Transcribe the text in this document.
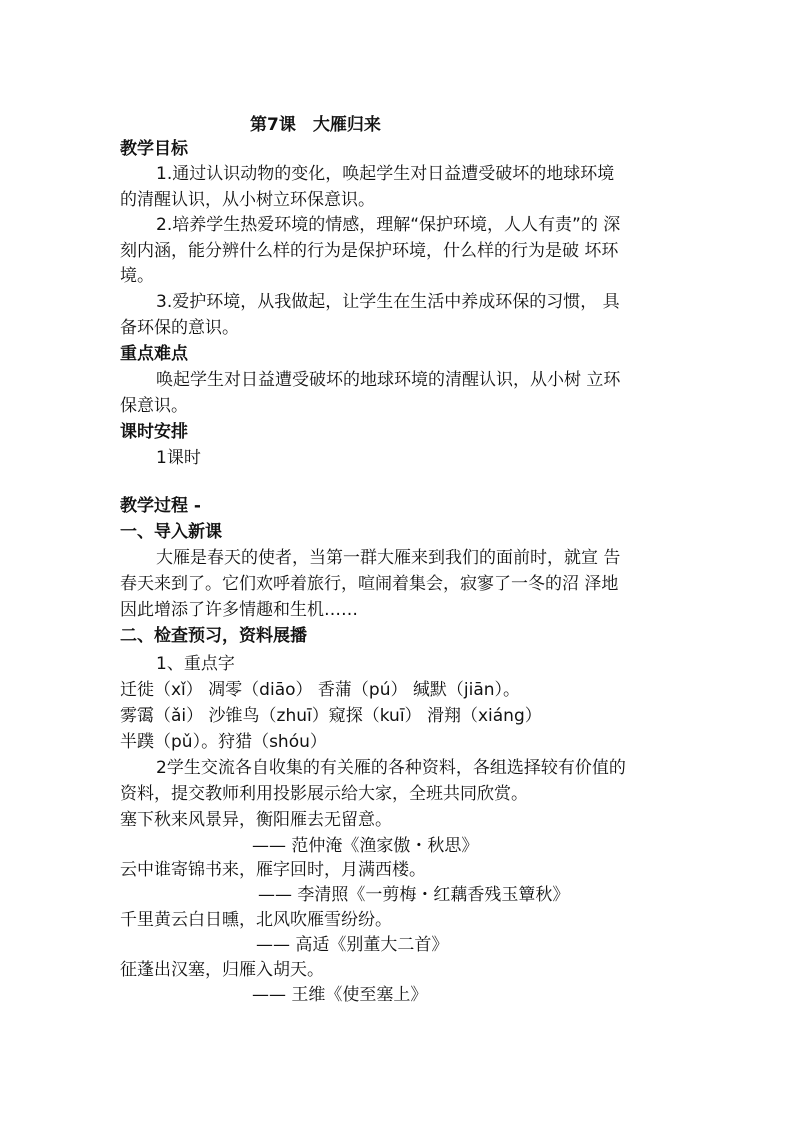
第7课　大雁归来
教学目标
1.通过认识动物的变化，唤起学生对日益遭受破坏的地球环境
的清醒认识，从小树立环保意识。
2.培养学生热爱环境的情感，理解“保护环境，人人有责”的 深
刻内涵，能分辨什么样的行为是保护环境，什么样的行为是破 坏环
境。
3.爱护环境，从我做起，让学生在生活中养成环保的习惯， 具
备环保的意识。
重点难点
唤起学生对日益遭受破坏的地球环境的清醒认识，从小树 立环
保意识。
课时安排
1课时
教学过程 -
一、导入新课
大雁是春天的使者，当第一群大雁来到我们的面前时，就宣 告
春天来到了。它们欢呼着旅行，喧闹着集会，寂寥了一冬的沼 泽地
因此增添了许多情趣和生机……
二、检查预习，资料展播
1、重点字
迁徙（xǐ） 凋零（diāo） 香蒲（pú） 缄默（jiān）。
雾霭（ǎi） 沙锥鸟（zhuī）窥探（kuī） 滑翔（xiáng）
半蹼（pǔ）。狩猎（shóu）
2学生交流各自收集的有关雁的各种资料，各组选择较有价值的
资料，提交教师利用投影展示给大家，全班共同欣赏。
塞下秋来风景异，衡阳雁去无留意。
—— 范仲淹《渔家傲・秋思》
云中谁寄锦书来，雁字回时，月满西楼。
—— 李清照《一剪梅・红藕香残玉簟秋》
千里黄云白日曛，北风吹雁雪纷纷。
—— 高适《别董大二首》
征蓬出汉塞，归雁入胡天。
—— 王维《使至塞上》
